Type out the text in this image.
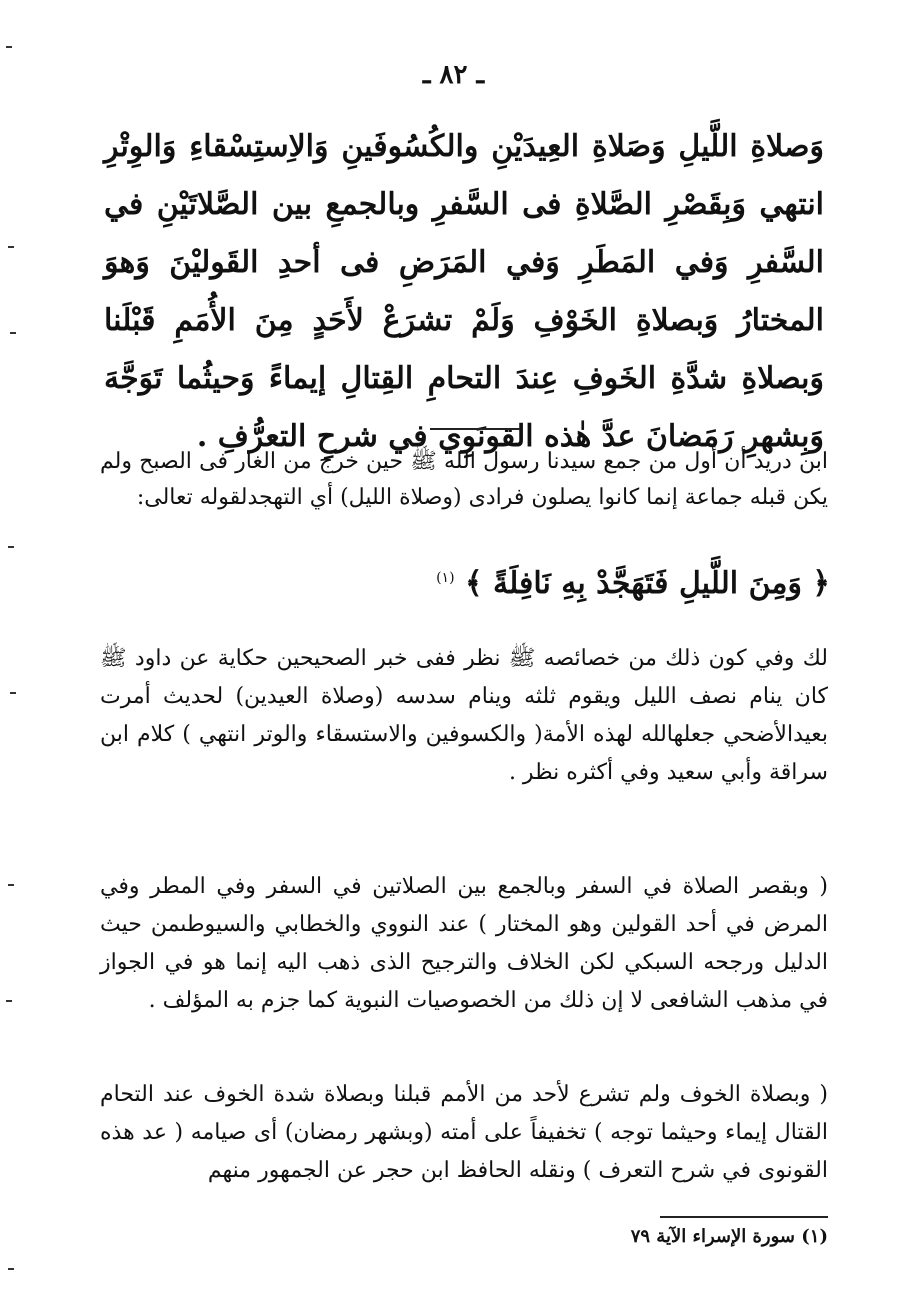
ـ ٨٢ ـ
وَصلاةِ اللَّيلِ وَصَلاةِ العِيدَيْنِ والكُسُوفَينِ وَالاِستِسْقاءِ وَالوِتْرِ انتهي وَبِقَصْرِ الصَّلاةِ فى السَّفرِ وبالجمعِ بين الصَّلاتَيْنِ في السَّفرِ وَفي المَطَرِ وَفي المَرَضِ فى أحدِ القَوليْنَ وَهوَ المختارُ وَبصلاةِ الخَوْفِ وَلَمْ تشرَعْ لأَحَدٍ مِنَ الأُمَمِ قَبْلَنا وَبصلاةِ شدَّةِ الخَوفِ عِندَ التحامِ القِتالِ إيماءً وَحيثُما تَوَجَّهَ وَبِشهرِ رَمَضانَ عدَّ هٰذه القونَوِي في شرحِ التعرُّفِ .
ابن دريد أن أول من جمع سيدنا رسول الله ﷺ حين خرج من الغار فى الصبح ولم يكن قبله جماعة إنما كانوا يصلون فرادى (وصلاة الليل) أي التهجدلقوله تعالى:
﴿ وَمِنَ اللَّيلِ فَتَهَجَّدْ بِهِ نَافِلَةً ﴾ $^{(١)}$
لك وفي كون ذلك من خصائصه ﷺ نظر ففى خبر الصحيحين حكاية عن داود ﷺ كان ينام نصف الليل ويقوم ثلثه وينام سدسه (وصلاة العيدين) لحديث أمرت بعيدالأضحي جعلهالله لهذه الأمة( والكسوفين والاستسقاء والوتر انتهي ) كلام ابن سراقة وأبي سعيد وفي أكثره نظر .
( وبقصر الصلاة في السفر وبالجمع بين الصلاتين في السفر وفي المطر وفي المرض في أحد القولين وهو المختار ) عند النووي والخطابي والسيوطىمن حيث الدليل ورجحه السبكي لكن الخلاف والترجيح الذى ذهب اليه إنما هو في الجواز في مذهب الشافعى لا إن ذلك من الخصوصيات النبوية كما جزم به المؤلف .
( وبصلاة الخوف ولم تشرع لأحد من الأمم قبلنا وبصلاة شدة الخوف عند التحام القتال إيماء وحيثما توجه ) تخفيفاً على أمته (وبشهر رمضان) أى صيامه ( عد هذه القونوى في شرح التعرف ) ونقله الحافظ ابن حجر عن الجمهور منهم
(١) سورة الإسراء الآية ٧٩
